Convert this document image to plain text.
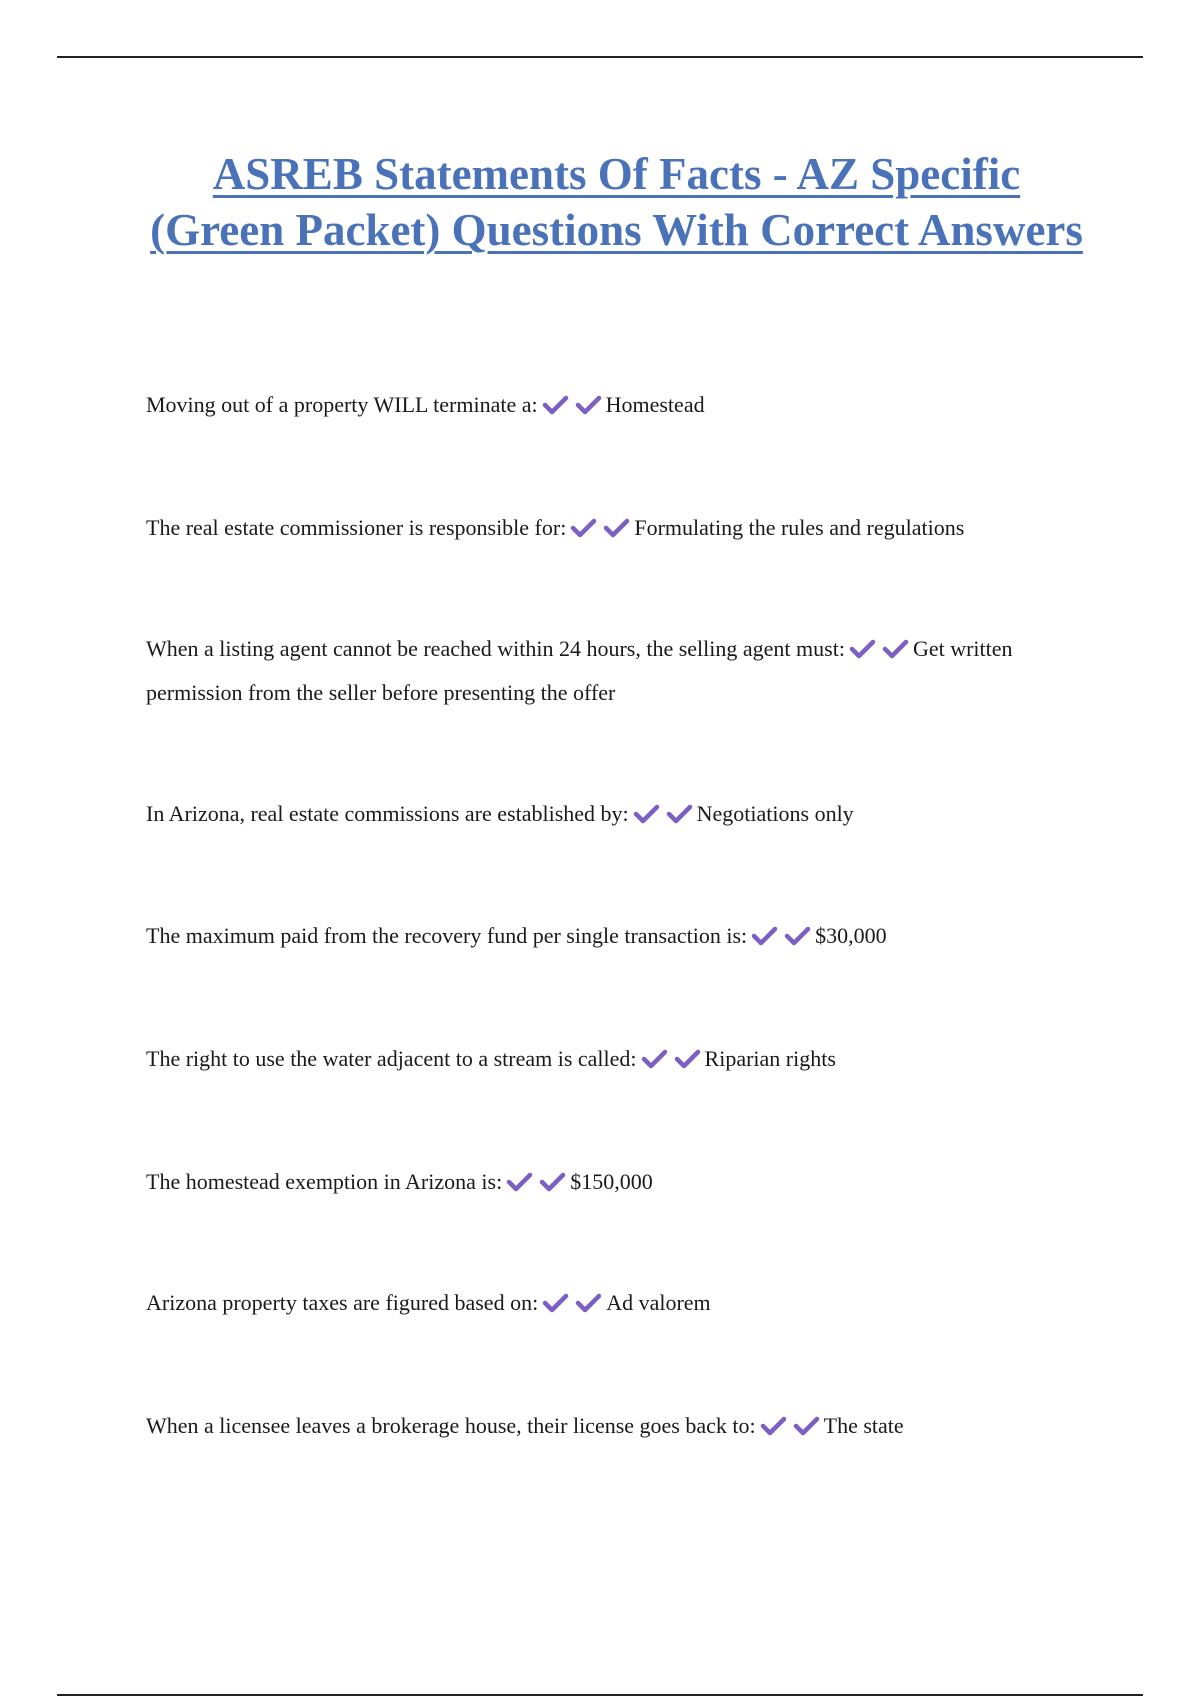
ASREB Statements Of Facts - AZ Specific (Green Packet) Questions With Correct Answers

Moving out of a property WILL terminate a:	Homestead

The real estate commissioner is responsible for:	Formulating the rules and regulations

When a listing agent cannot be reached within 24 hours, the selling agent must:	Get written permission from the seller before presenting the offer

In Arizona, real estate commissions are established by:	Negotiations only

The maximum paid from the recovery fund per single transaction is:	$30,000

The right to use the water adjacent to a stream is called:	Riparian rights

The homestead exemption in Arizona is:	$150,000

Arizona property taxes are figured based on:	Ad valorem

When a licensee leaves a brokerage house, their license goes back to:	The state
